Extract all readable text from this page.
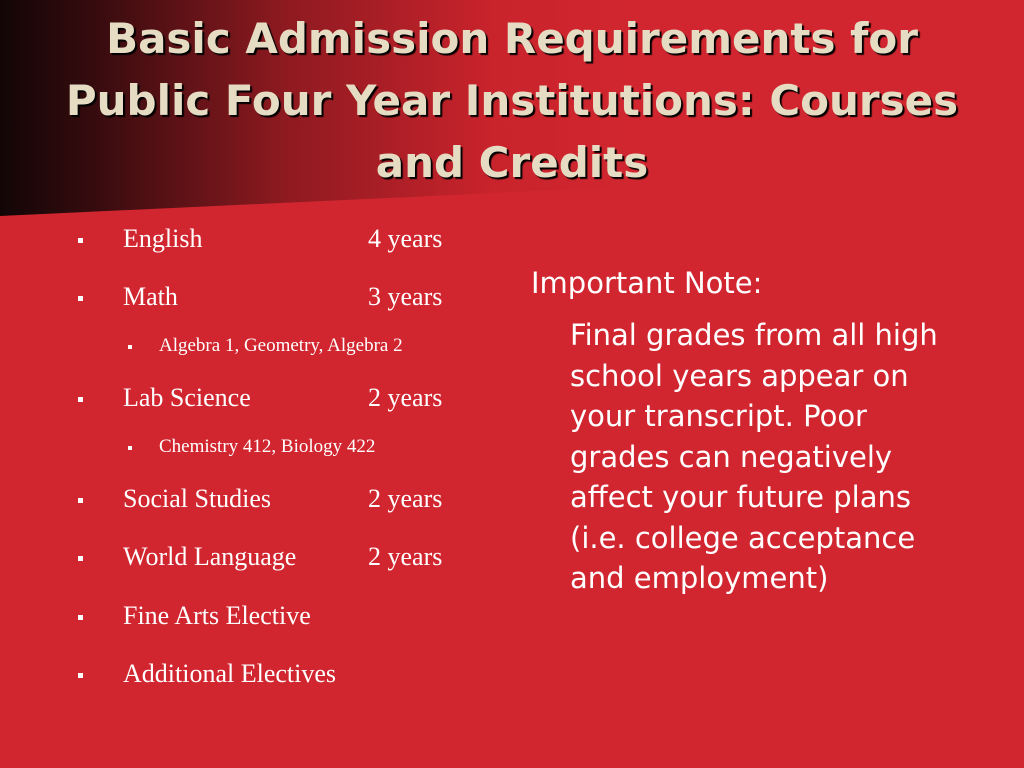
Basic Admission Requirements for
Public Four Year Institutions: Courses
and Credits
English	4 years
Math	3 years
Algebra 1, Geometry, Algebra 2
Lab Science	2 years
Chemistry 412, Biology 422
Social Studies	2 years
World Language	2 years
Fine Arts Elective
Additional Electives
Important Note:

Final grades from all high
school years appear on
your transcript. Poor
grades can negatively
affect your future plans
(i.e. college acceptance
and employment)
